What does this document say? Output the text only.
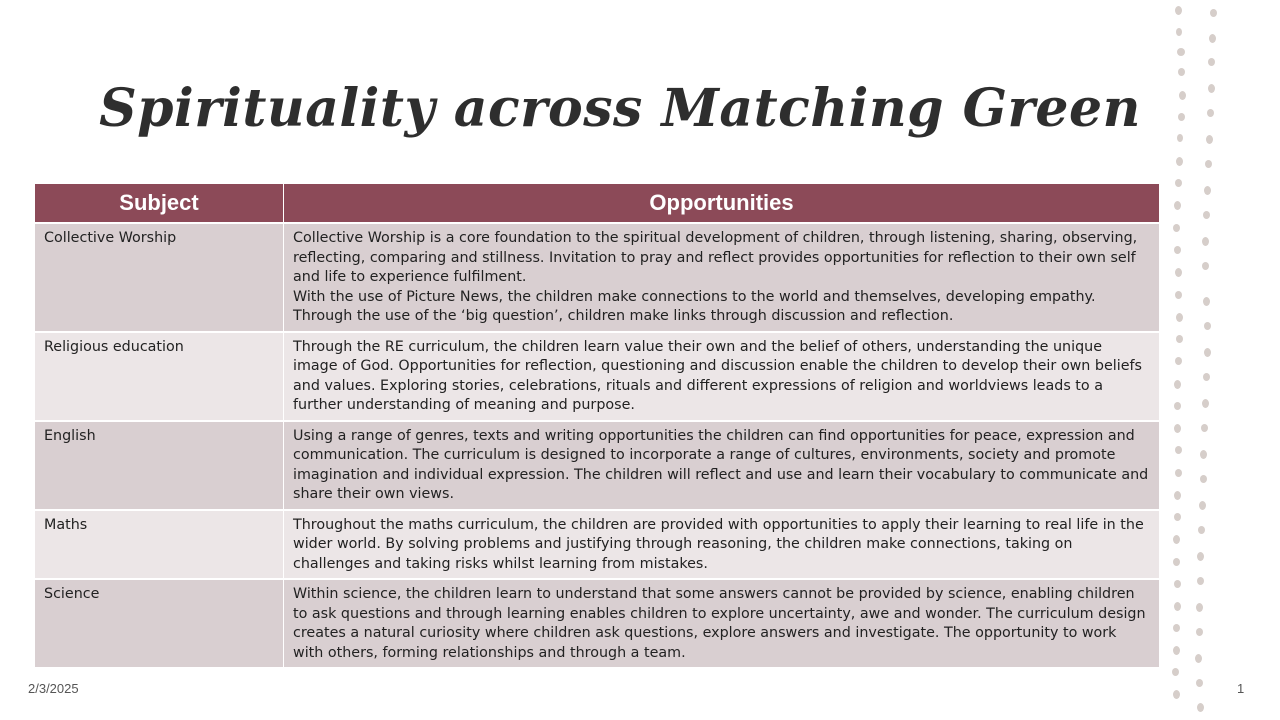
Spirituality across Matching Green
Subject	Opportunities
Collective Worship	Collective Worship is a core foundation to the spiritual development of children, through listening, sharing, observing, reflecting, comparing and stillness. Invitation to pray and reflect provides opportunities for reflection to their own self and life to experience fulfilment.
With the use of Picture News, the children make connections to the world and themselves, developing empathy. Through the use of the ‘big question’, children make links through discussion and reflection.

Religious education	Through the RE curriculum, the children learn value their own and the belief of others, understanding the unique image of God. Opportunities for reflection, questioning and discussion enable the children to develop their own beliefs and values. Exploring stories, celebrations, rituals and different expressions of religion and worldviews leads to a further understanding of meaning and purpose.

English	Using a range of genres, texts and writing opportunities the children can find opportunities for peace, expression and communication. The curriculum is designed to incorporate a range of cultures, environments, society and promote imagination and individual expression. The children will reflect and use and learn their vocabulary to communicate and share their own views.

Maths	Throughout the maths curriculum, the children are provided with opportunities to apply their learning to real life in the wider world. By solving problems and justifying through reasoning, the children make connections, taking on challenges and taking risks whilst learning from mistakes.

Science	Within science, the children learn to understand that some answers cannot be provided by science, enabling children to ask questions and through learning enables children to explore uncertainty, awe and wonder. The curriculum design creates a natural curiosity where children ask questions, explore answers and investigate. The opportunity to work with others, forming relationships and through a team.
2/3/2025	1
